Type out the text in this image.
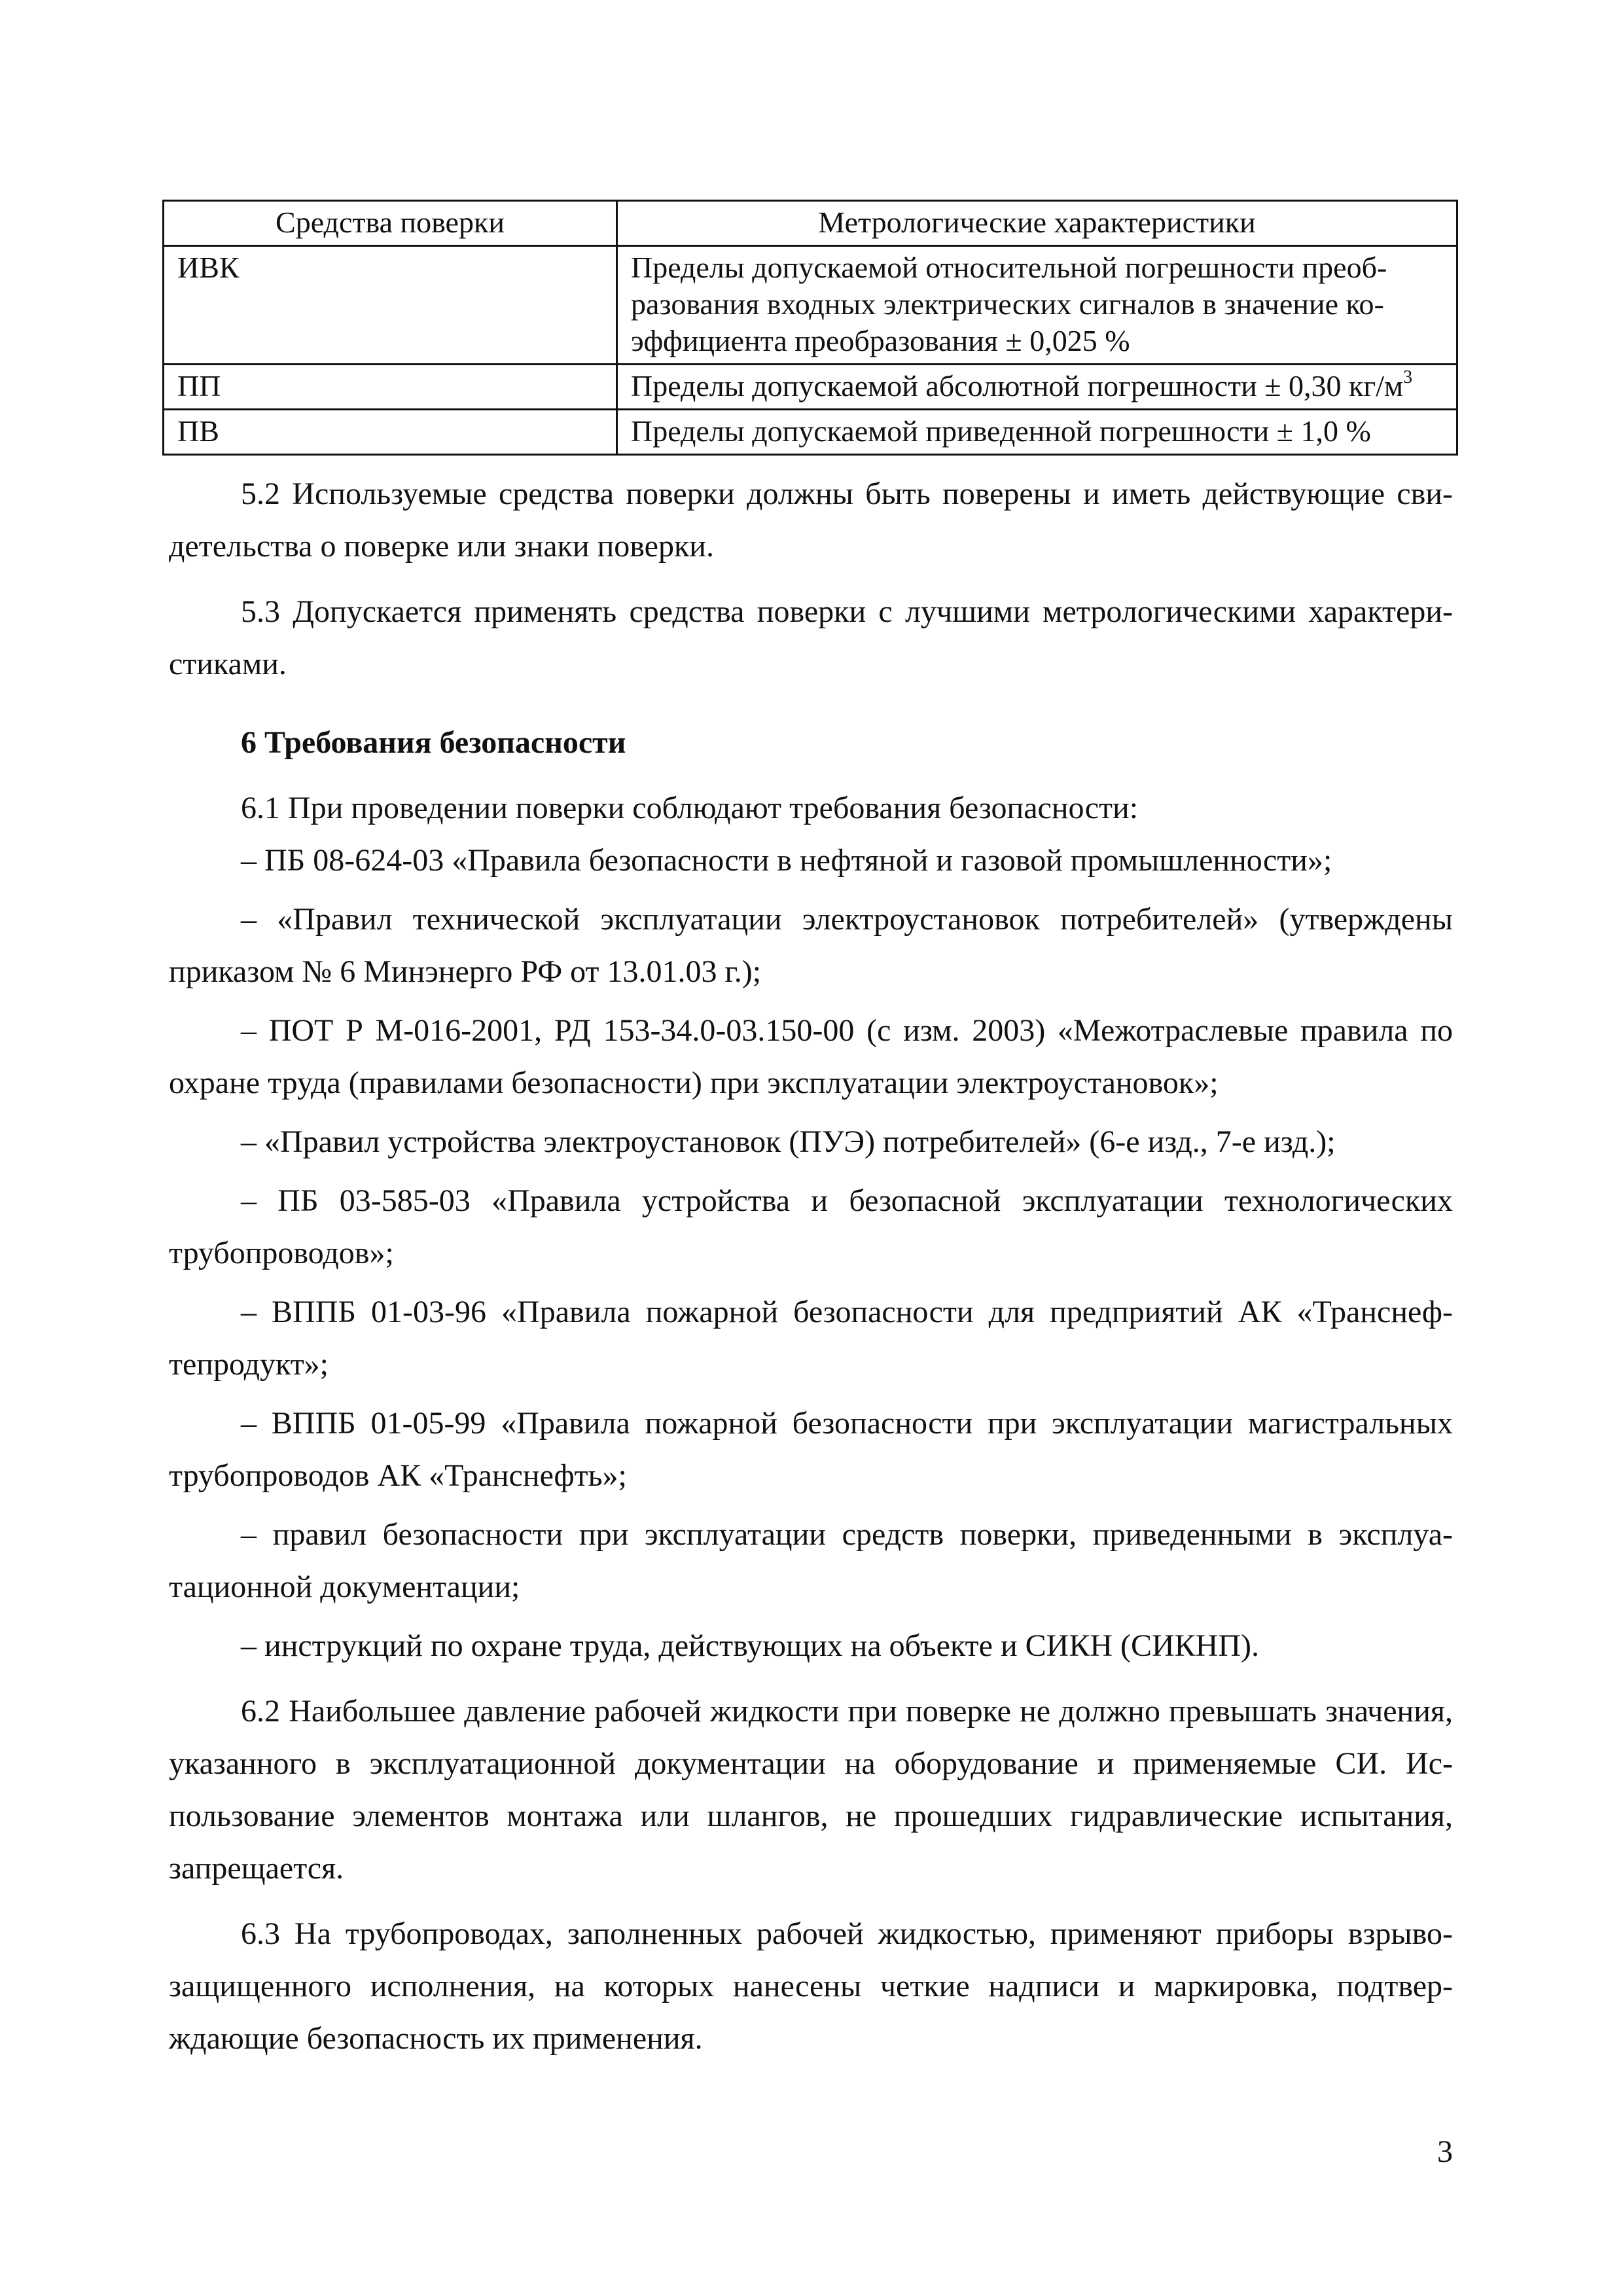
Средства поверки	Метрологические характеристики
ИВК	Пределы допускаемой относительной погрешности преобразования входных электрических сигналов в значение коэффициента преобразования ± 0,025 %
ПП	Пределы допускаемой абсолютной погрешности ± 0,30 $кг/м^3$
ПВ	Пределы допускаемой приведенной погрешности ± 1,0 %

5.2 Используемые средства поверки должны быть поверены и иметь действующие свидетельства о поверке или знаки поверки.

5.3 Допускается применять средства поверки с лучшими метрологическими характеристиками.

6 Требования безопасности

6.1 При проведении поверки соблюдают требования безопасности:

– ПБ 08-624-03 «Правила безопасности в нефтяной и газовой промышленности»;

– «Правил технической эксплуатации электроустановок потребителей» (утверждены приказом № 6 Минэнерго РФ от 13.01.03 г.);

– ПОТ Р М-016-2001, РД 153-34.0-03.150-00 (с изм. 2003) «Межотраслевые правила по охране труда (правилами безопасности) при эксплуатации электроустановок»;

– «Правил устройства электроустановок (ПУЭ) потребителей» (6-е изд., 7-е изд.);

– ПБ 03-585-03 «Правила устройства и безопасной эксплуатации технологических трубопроводов»;

– ВППБ 01-03-96 «Правила пожарной безопасности для предприятий АК «Транснефтепродукт»;

– ВППБ 01-05-99 «Правила пожарной безопасности при эксплуатации магистральных трубопроводов АК «Транснефть»;

– правил безопасности при эксплуатации средств поверки, приведенными в эксплуатационной документации;

– инструкций по охране труда, действующих на объекте и СИКН (СИКНП).

6.2 Наибольшее давление рабочей жидкости при поверке не должно превышать значения, указанного в эксплуатационной документации на оборудование и применяемые СИ. Использование элементов монтажа или шлангов, не прошедших гидравлические испытания, запрещается.

6.3 На трубопроводах, заполненных рабочей жидкостью, применяют приборы взрывозащищенного исполнения, на которых нанесены четкие надписи и маркировка, подтверждающие безопасность их применения.

3
